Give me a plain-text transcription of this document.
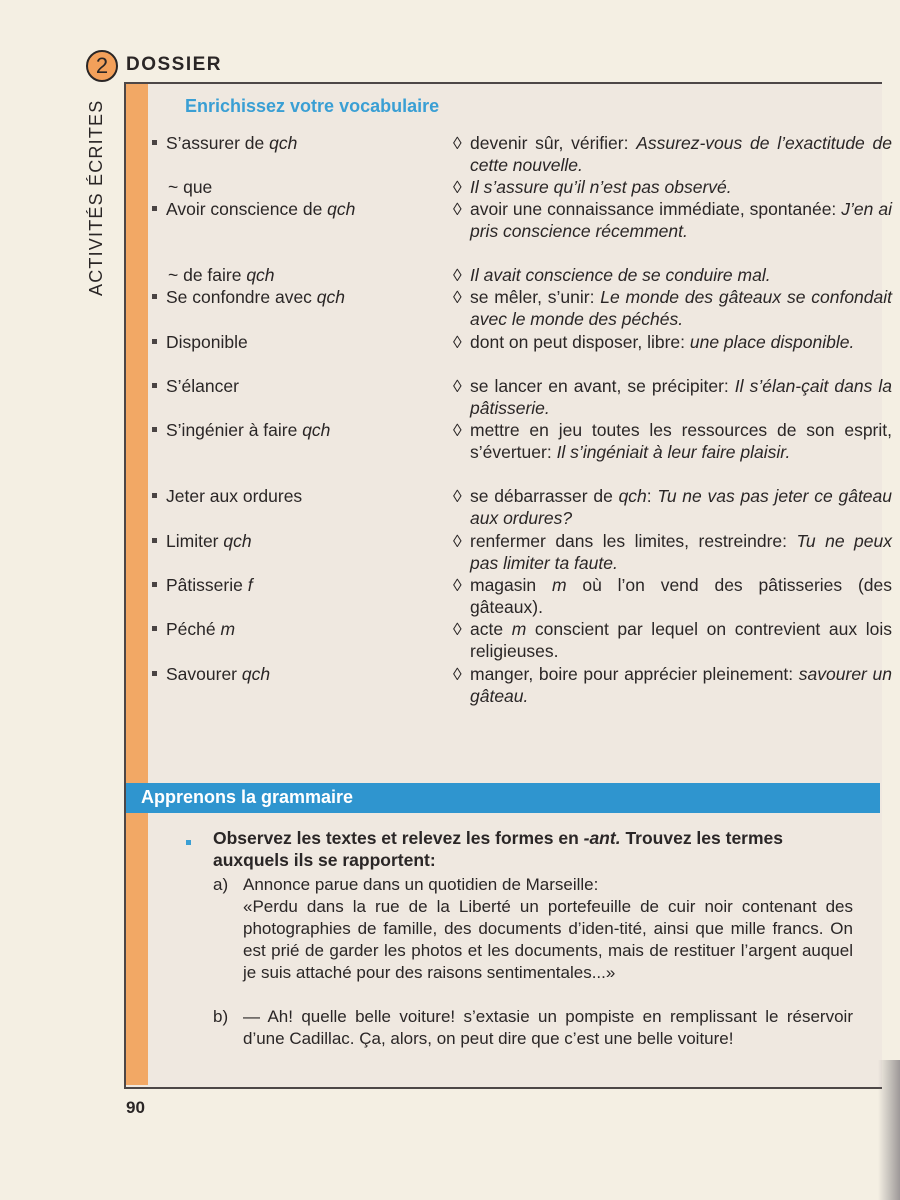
2 DOSSIER
ACTIVITÉS ÉCRITES	Enrichissez votre vocabulaire
S’assurer de qch	◊ devenir sûr, vérifier: Assurez-vous de l’exactitude de cette nouvelle.
~ que	◊ Il s’assure qu’il n’est pas observé.
Avoir conscience de qch	◊ avoir une connaissance immédiate, spontanée: J’en ai pris conscience récemment.
~ de faire qch	◊ Il avait conscience de se conduire mal.
Se confondre avec qch	◊ se mêler, s’unir: Le monde des gâteaux se confondait avec le monde des péchés.
Disponible	◊ dont on peut disposer, libre: une place disponible.
S’élancer	◊ se lancer en avant, se précipiter: Il s’élan-çait dans la pâtisserie.
S’ingénier à faire qch	◊ mettre en jeu toutes les ressources de son esprit, s’évertuer: Il s’ingéniait à leur faire plaisir.
Jeter aux ordures	◊ se débarrasser de qch: Tu ne vas pas jeter ce gâteau aux ordures?
Limiter qch	◊ renfermer dans les limites, restreindre: Tu ne peux pas limiter ta faute.
Pâtisserie f	◊ magasin m où l’on vend des pâtisseries (des gâteaux).
Péché m	◊ acte m conscient par lequel on contrevient aux lois religieuses.
Savourer qch	◊ manger, boire pour apprécier pleinement: savourer un gâteau.
Apprenons la grammaire
Observez les textes et relevez les formes en -ant. Trouvez les termes auxquels ils se rapportent:
a) Annonce parue dans un quotidien de Marseille:
«Perdu dans la rue de la Liberté un portefeuille de cuir noir contenant des photographies de famille, des documents d’iden-tité, ainsi que mille francs. On est prié de garder les photos et les documents, mais de restituer l’argent auquel je suis attaché pour des raisons sentimentales...»
b) — Ah! quelle belle voiture! s’extasie un pompiste en remplissant le réservoir d’une Cadillac. Ça, alors, on peut dire que c’est une belle voiture!
90
